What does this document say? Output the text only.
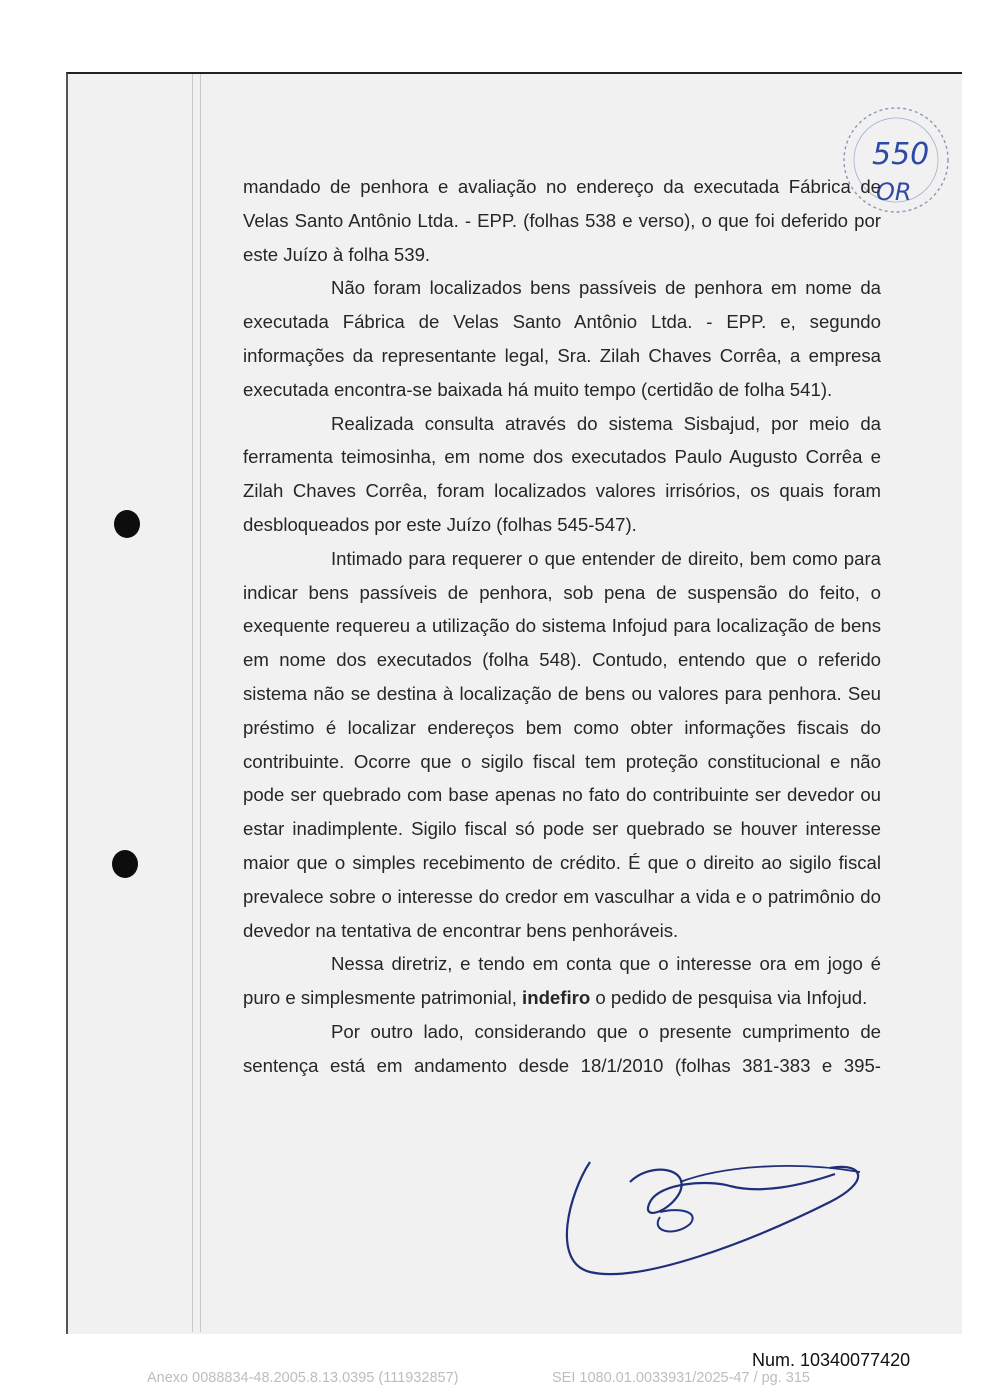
550
OR

mandado de penhora e avaliação no endereço da executada Fábrica de Velas Santo Antônio Ltda. - EPP. (folhas 538 e verso), o que foi deferido por este Juízo à folha 539.

Não foram localizados bens passíveis de penhora em nome da executada Fábrica de Velas Santo Antônio Ltda. - EPP. e, segundo informações da representante legal, Sra. Zilah Chaves Corrêa, a empresa executada encontra-se baixada há muito tempo (certidão de folha 541).

Realizada consulta através do sistema Sisbajud, por meio da ferramenta teimosinha, em nome dos executados Paulo Augusto Corrêa e Zilah Chaves Corrêa, foram localizados valores irrisórios, os quais foram desbloqueados por este Juízo (folhas 545-547).

Intimado para requerer o que entender de direito, bem como para indicar bens passíveis de penhora, sob pena de suspensão do feito, o exequente requereu a utilização do sistema Infojud para localização de bens em nome dos executados (folha 548). Contudo, entendo que o referido sistema não se destina à localização de bens ou valores para penhora. Seu préstimo é localizar endereços bem como obter informações fiscais do contribuinte. Ocorre que o sigilo fiscal tem proteção constitucional e não pode ser quebrado com base apenas no fato do contribuinte ser devedor ou estar inadimplente. Sigilo fiscal só pode ser quebrado se houver interesse maior que o simples recebimento de crédito. É que o direito ao sigilo fiscal prevalece sobre o interesse do credor em vasculhar a vida e o patrimônio do devedor na tentativa de encontrar bens penhoráveis.

Nessa diretriz, e tendo em conta que o interesse ora em jogo é puro e simplesmente patrimonial, indefiro o pedido de pesquisa via Infojud.

Por outro lado, considerando que o presente cumprimento de sentença está em andamento desde 18/1/2010 (folhas 381-383 e 395-

Num. 10340077420
Anexo 0088834-48.2005.8.13.0395 (111932857)	SEI 1080.01.0033931/2025-47 / pg. 315
